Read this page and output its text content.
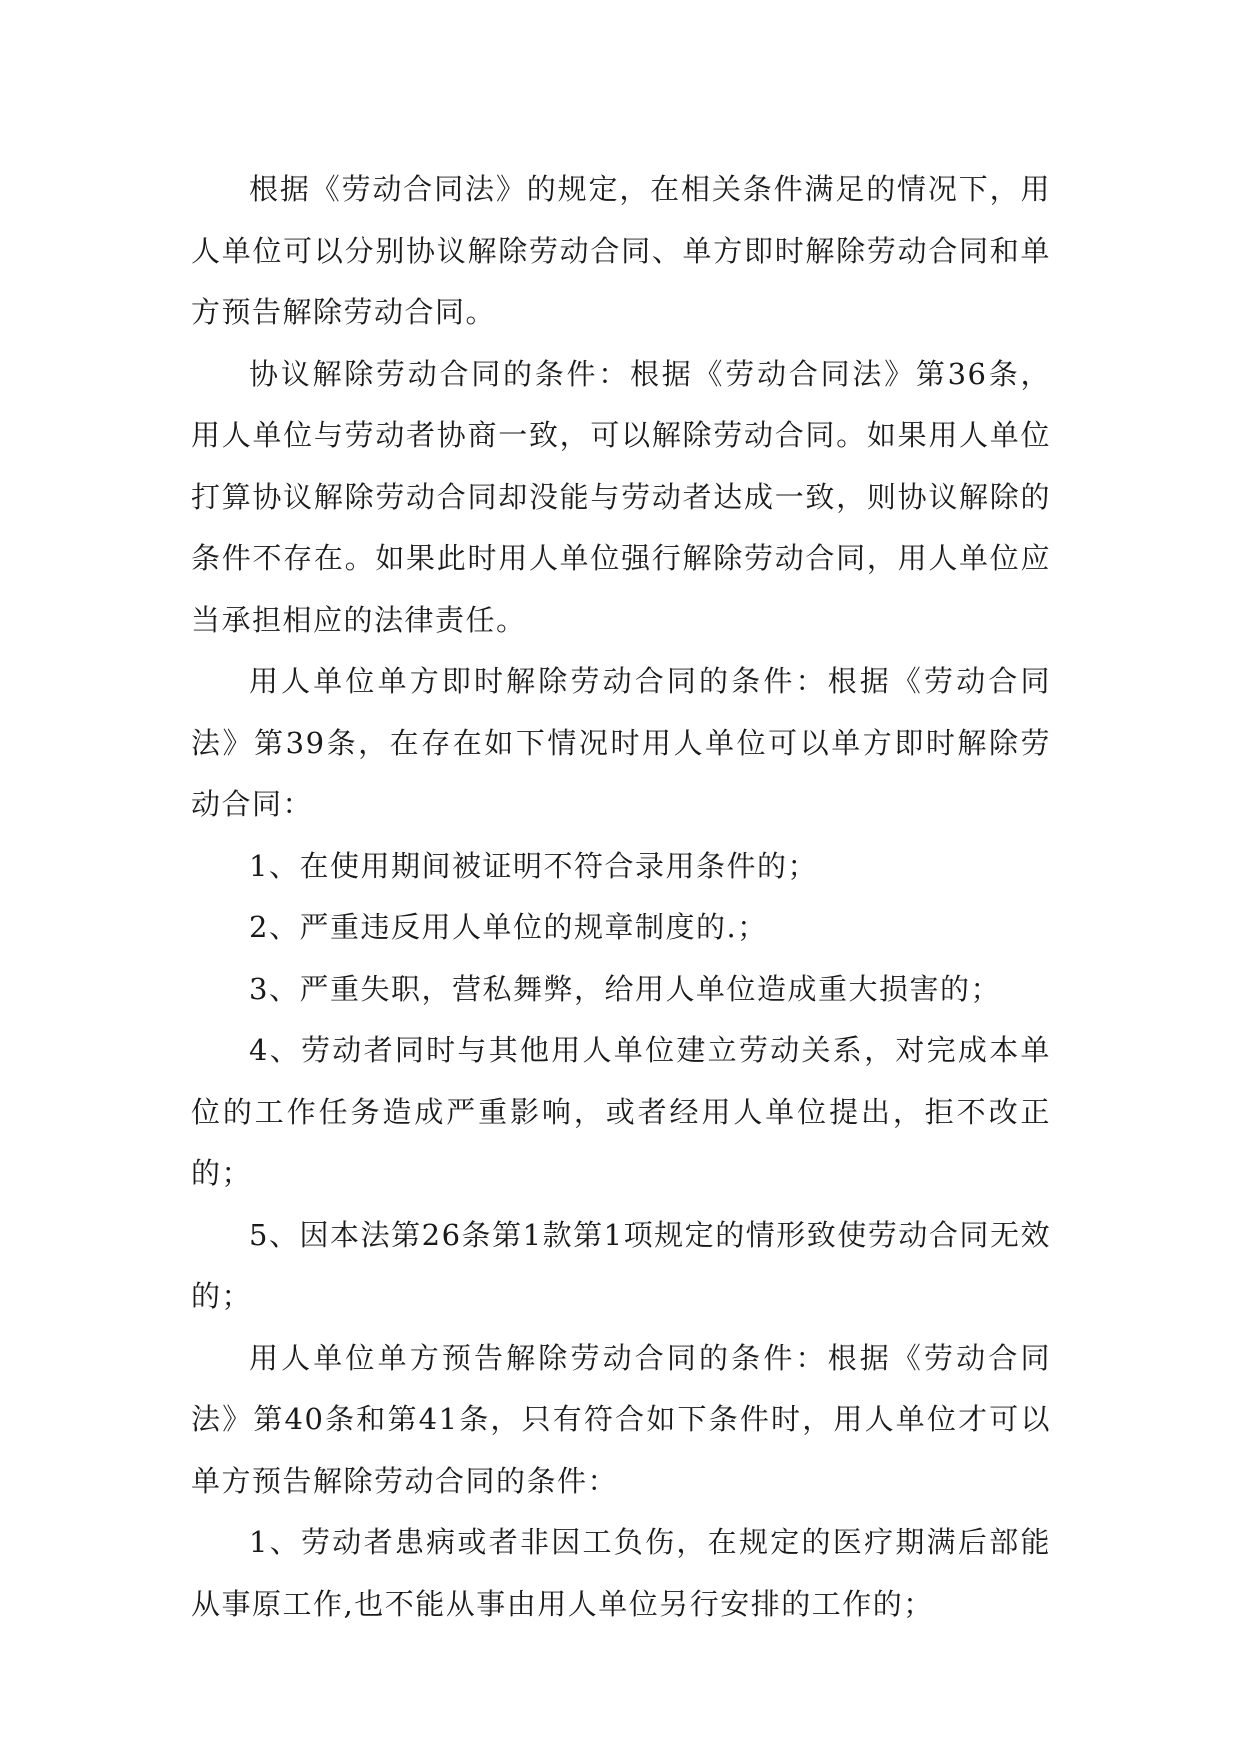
根据《劳动合同法》的规定，在相关条件满足的情况下，用人单位可以分别协议解除劳动合同、单方即时解除劳动合同和单方预告解除劳动合同。

协议解除劳动合同的条件：根据《劳动合同法》第36条，用人单位与劳动者协商一致，可以解除劳动合同。如果用人单位打算协议解除劳动合同却没能与劳动者达成一致，则协议解除的条件不存在。如果此时用人单位强行解除劳动合同，用人单位应当承担相应的法律责任。

用人单位单方即时解除劳动合同的条件：根据《劳动合同法》第39条，在存在如下情况时用人单位可以单方即时解除劳动合同：

1、在使用期间被证明不符合录用条件的；

2、严重违反用人单位的规章制度的.；

3、严重失职，营私舞弊，给用人单位造成重大损害的；

4、劳动者同时与其他用人单位建立劳动关系，对完成本单位的工作任务造成严重影响，或者经用人单位提出，拒不改正的；

5、因本法第26条第1款第1项规定的情形致使劳动合同无效的；

用人单位单方预告解除劳动合同的条件：根据《劳动合同法》第40条和第41条，只有符合如下条件时，用人单位才可以单方预告解除劳动合同的条件：

1、劳动者患病或者非因工负伤，在规定的医疗期满后部能从事原工作,也不能从事由用人单位另行安排的工作的；
